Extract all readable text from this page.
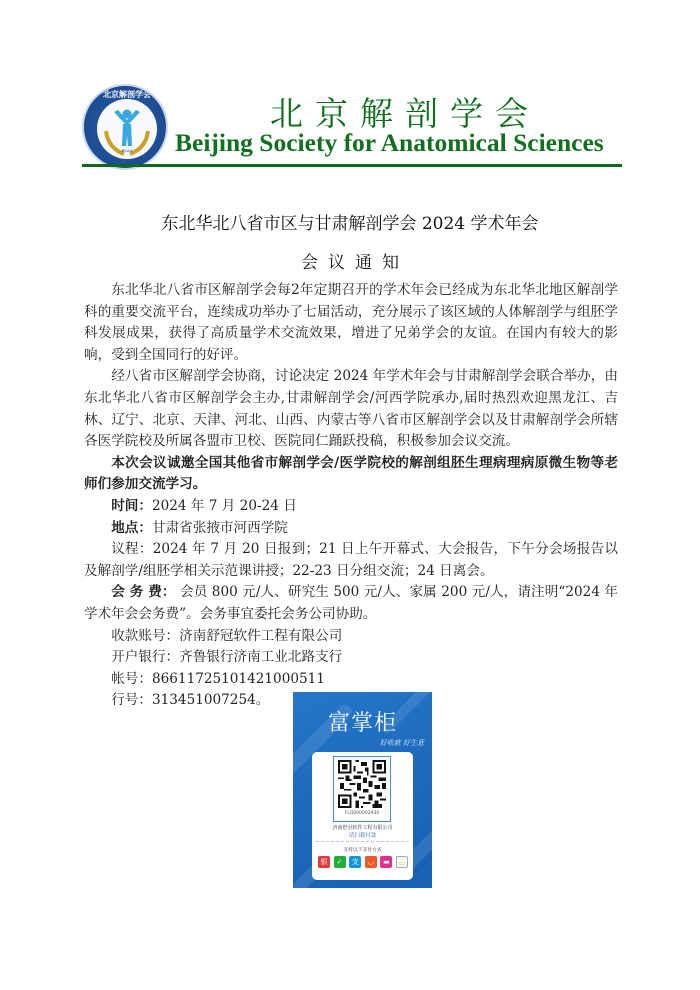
BSAS
北京解剖学会	北京解剖学会
Beijing Society for Anatomical Sciences
东北华北八省市区与甘肃解剖学会 2024 学术年会
会议通知

东北华北八省市区解剖学会每2年定期召开的学术年会已经成为东北华北地区解剖学科的重要交流平台，连续成功举办了七届活动，充分展示了该区域的人体解剖学与组胚学科发展成果，获得了高质量学术交流效果，增进了兄弟学会的友谊。在国内有较大的影响，受到全国同行的好评。

经八省市区解剖学会协商，讨论决定 2024 年学术年会与甘肃解剖学会联合举办，由东北华北八省市区解剖学会主办,甘肃解剖学会/河西学院承办,届时热烈欢迎黑龙江、吉林、辽宁、北京、天津、河北、山西、内蒙古等八省市区解剖学会以及甘肃解剖学会所辖各医学院校及所属各盟市卫校、医院同仁踊跃投稿，积极参加会议交流。

本次会议诚邀全国其他省市解剖学会/医学院校的解剖组胚生理病理病原微生物等老师们参加交流学习。

时间：2024 年 7 月 20-24 日

地点：甘肃省张掖市河西学院

议程：2024 年 7 月 20 日报到；21 日上午开幕式、大会报告，下午分会场报告以及解剖学/组胚学相关示范课讲授；22-23 日分组交流；24 日离会。

会 务 费： 会员 800 元/人、研究生 500 元/人、家属 200 元/人，请注明“2024 年学术年会会务费”。会务事宜委托会务公司协助。

收款账号：济南舒冠软件工程有限公司

开户银行：齐鲁银行济南工业北路支行

帐号：86611725101421000511

行号：313451007254。

富掌柜
好收款 好生意
FLQ000002930
济南舒冠软件工程有限公司
请扫我付款
支持以下支付方式
银	✓	支	◡	▬	▭
